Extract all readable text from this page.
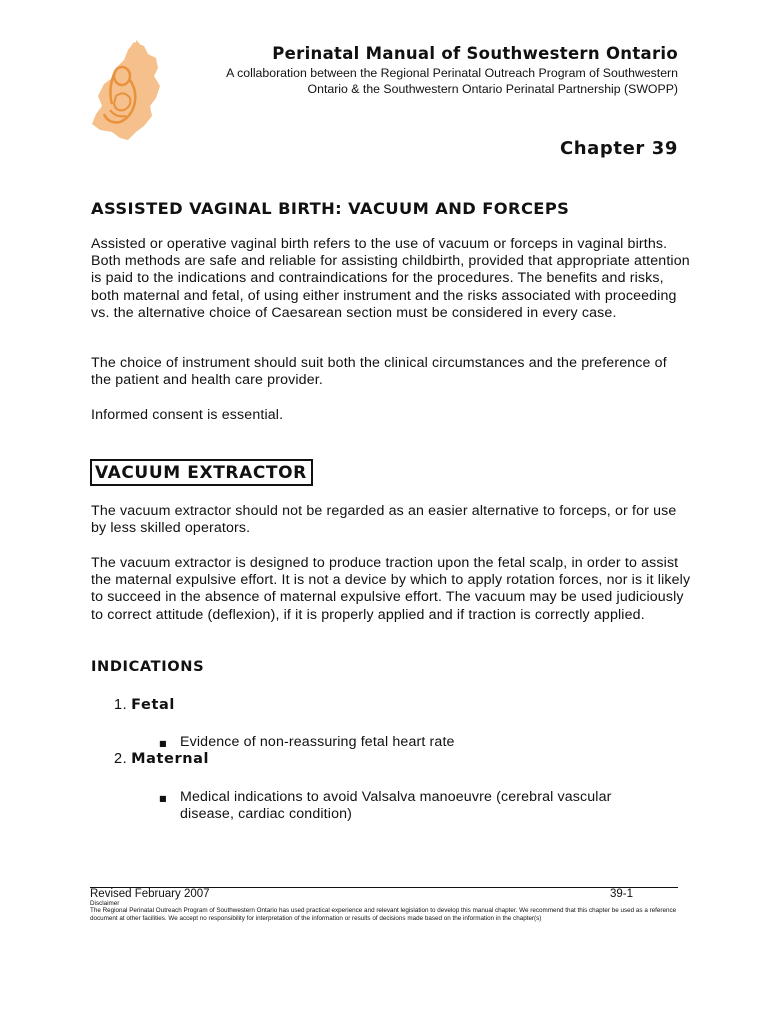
Perinatal Manual of Southwestern Ontario
A collaboration between the Regional Perinatal Outreach Program of Southwestern
Ontario & the Southwestern Ontario Perinatal Partnership (SWOPP)
Chapter 39
ASSISTED VAGINAL BIRTH: VACUUM AND FORCEPS

Assisted or operative vaginal birth refers to the use of vacuum or forceps in vaginal births. Both methods are safe and reliable for assisting childbirth, provided that appropriate attention is paid to the indications and contraindications for the procedures. The benefits and risks, both maternal and fetal, of using either instrument and the risks associated with proceeding vs. the alternative choice of Caesarean section must be considered in every case.

The choice of instrument should suit both the clinical circumstances and the preference of the patient and health care provider.

Informed consent is essential.

VACUUM EXTRACTOR

The vacuum extractor should not be regarded as an easier alternative to forceps, or for use by less skilled operators.

The vacuum extractor is designed to produce traction upon the fetal scalp, in order to assist the maternal expulsive effort. It is not a device by which to apply rotation forces, nor is it likely to succeed in the absence of maternal expulsive effort. The vacuum may be used judiciously to correct attitude (deflexion), if it is properly applied and if traction is correctly applied.

INDICATIONS
1. Fetal
■ Evidence of non-reassuring fetal heart rate
2. Maternal
■ Medical indications to avoid Valsalva manoeuvre (cerebral vascular disease, cardiac condition)
Revised February 2007	39-1
Disclaimer
The Regional Perinatal Outreach Program of Southwestern Ontario has used practical experience and relevant legislation to develop this manual chapter. We recommend that this chapter be used as a reference document at other facilities. We accept no responsibility for interpretation of the information or results of decisions made based on the information in the chapter(s)
